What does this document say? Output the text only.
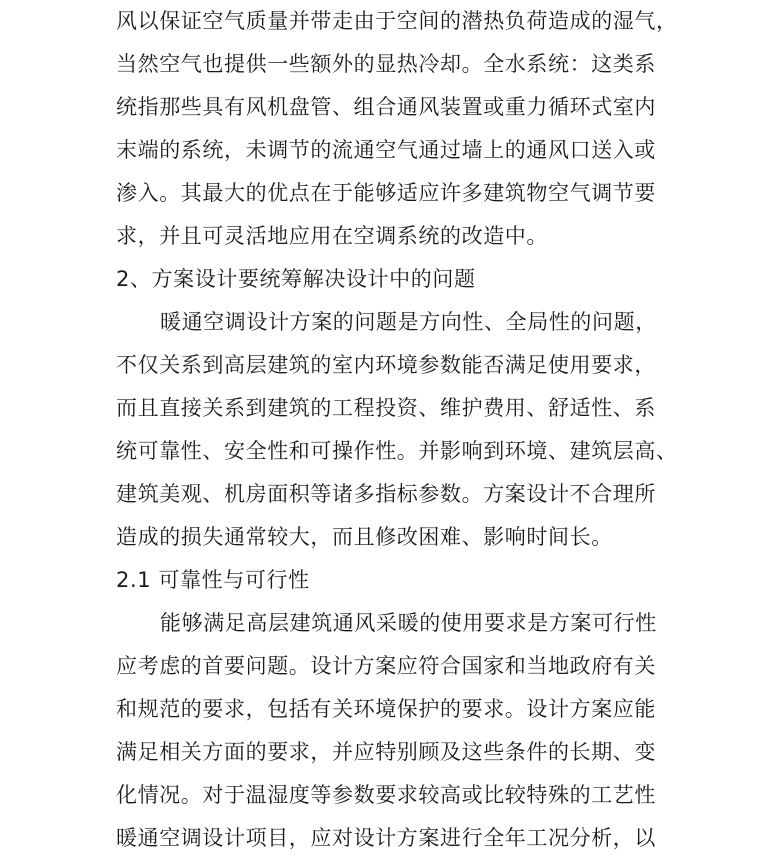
风以保证空气质量并带走由于空间的潜热负荷造成的湿气，
当然空气也提供一些额外的显热冷却。全水系统：这类系
统指那些具有风机盘管、组合通风装置或重力循环式室内
末端的系统，未调节的流通空气通过墙上的通风口送入或
渗入。其最大的优点在于能够适应许多建筑物空气调节要
求，并且可灵活地应用在空调系统的改造中。
2、方案设计要统筹解决设计中的问题
暖通空调设计方案的问题是方向性、全局性的问题，
不仅关系到高层建筑的室内环境参数能否满足使用要求，
而且直接关系到建筑的工程投资、维护费用、舒适性、系
统可靠性、安全性和可操作性。并影响到环境、建筑层高、
建筑美观、机房面积等诸多指标参数。方案设计不合理所
造成的损失通常较大，而且修改困难、影响时间长。
2.1 可靠性与可行性
能够满足高层建筑通风采暖的使用要求是方案可行性
应考虑的首要问题。设计方案应符合国家和当地政府有关
和规范的要求，包括有关环境保护的要求。设计方案应能
满足相关方面的要求，并应特别顾及这些条件的长期、变
化情况。对于温湿度等参数要求较高或比较特殊的工艺性
暖通空调设计项目，应对设计方案进行全年工况分析，以
